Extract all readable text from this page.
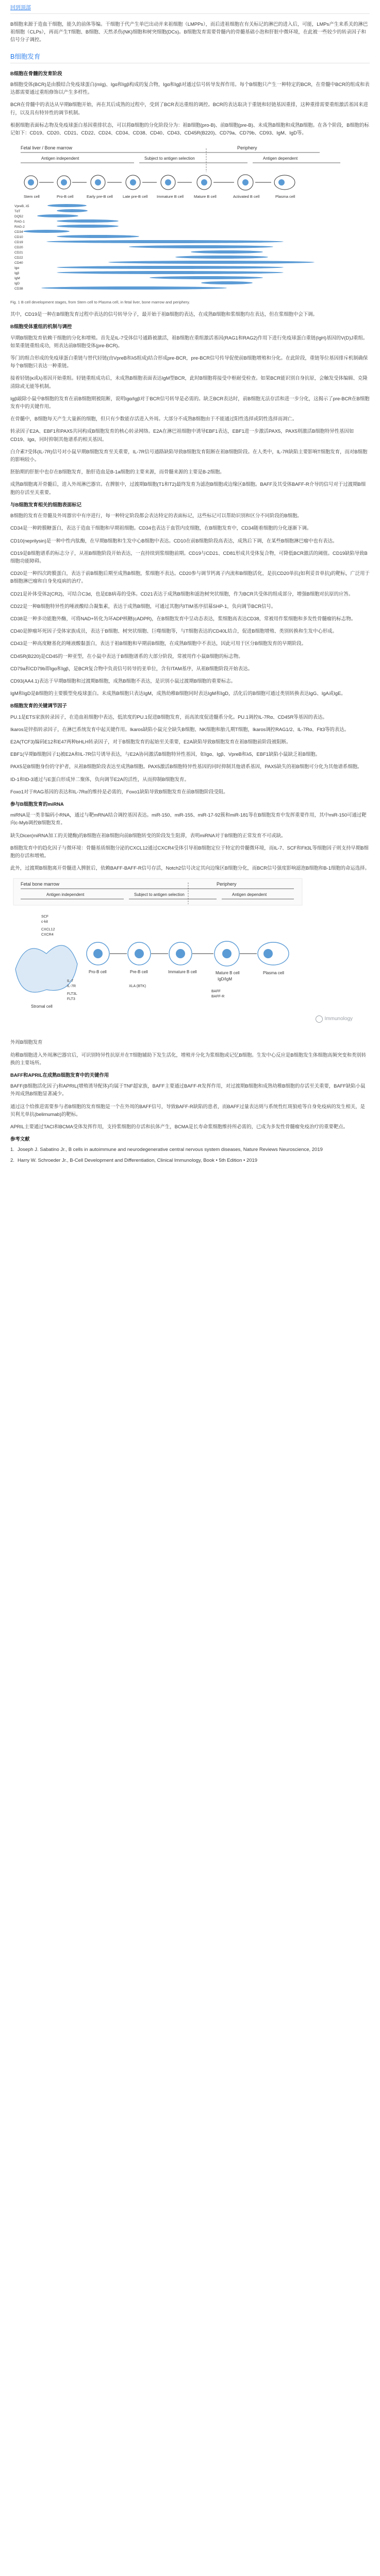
回到顶部

B细胞来源于造血干细胞，能久的前体等编。干细胞于代产生单巴出动并来祖细胞（LMPPs），而后进祖细胞在有关标记的淋巴的进入后，可能，LMPs产生来系关的淋巴祖细胞（CLPs），再而产生T细胞、B细胞、天然杀伤(NK)细胞和树突细胞(DCs)。B细胞发育需要骨髓内的骨髓基础小泡和肝脏中微环境，在此被一些较少的转录因子和信号分子调控。

B细胞发育

B细胞在骨髓的发育阶段

B细胞受体(BCR)是由膜结合免疫球蛋白(mIg)、Igα和Igβ构成的复合物，Igα和Igβ对通过信号转导发挥作用。每个B细胞只产生一种特定的BCR，在骨髓中BCR的组成和表达都需要通过重组修饰以产生多样性。

BCR在骨髓中的表达从早期B细胞开始，再在其后成熟的过程中，受到了BCR表达重组的调控。BCR的表达取决于重链和轻链基因重排，这种重排需要重组激活基因来进行，以及具有特异性的调节机制。

根据细胞表面标志物及免疫球蛋白基因重排状态，可以将B细胞的分化阶段分为：祖B细胞(pro-B)、前B细胞(pre-B)、未成熟B细胞和成熟B细胞。在各个阶段，B细胞的标记如下：CD19、CD20、CD21、CD22、CD24、CD34、CD38、CD40、CD43、CD45R(B220)、CD79a、CD79b、CD93、IgM、IgD等。

Fetal liver / Bone marrow	Periphery
Antigen independent	Subject to antigen selection	Antigen dependent
Stem cell	Pro-B cell	Early pre-B cell	Late pre-B cell Immature B cell	Mature B cell	Activated B cell	Plasma cell
VpreB, λ5
TdT
DQ52
RAG-1
RAG-2
CD34
CD10
CD19
CD20
CD21
CD22
CD40
Igα
Igβ
IgM
IgD
CD38

Fig. 1 B cell development stages, from Stem cell to Plasma cell, in fetal liver, bone marrow and periphery.

其中，CD19是一种在B细胞发育过程中表达的信号转导分子，最开始于祖B细胞的表达，在成熟B细胞和浆细胞均在表达，但在浆细胞中会下调。

B细胞受体重组的机制与调控

早期B细胞发育依赖干细胞的分化和增殖。首先是IL-7受体信号通路被激活，祖B细胞在重组激活基因(RAG1和RAG2)作用下进行免疫球蛋白重链(IgH)基因的V(D)J重组。如果重链重组成功，则表达前B细胞受体(pre-BCR)。

等门的组合形成的免疫球蛋白重链与替代轻链(由VpreB和λ5组成)结合形成pre-BCR，pre-BCR信号传导促使前B细胞增殖和分化。在此阶段，重链等位基因排斥机制确保每个B细胞只表达一种重链。

接着轻链(κ或λ)基因开始重组。轻链重组成功后，未成熟B细胞表面表达IgM型BCR，此时B细胞将接受中枢耐受检查。如果BCR能识别自身抗原，会触发受体编辑、克隆清除或无能等机制。

Igβ敲除小鼠中B细胞的发育在前B细胞期被阻断，说明Igα/Igβ对于BCR信号转导是必需的。缺乏BCR表达时，前B细胞无法存活和进一步分化，这揭示了pre-BCR在B细胞发育中的关键作用。

在骨髓中，B细胞每天产生大量新的细胞，但只有少数能存活进入外周。大部分不成熟B细胞由于不能通过阳性选择或阴性选择而凋亡。

转录因子E2A、EBF1和PAX5共同构成B细胞发育的核心转录网络。E2A在淋巴祖细胞中诱导EBF1表达，EBF1进一步激活PAX5，PAX5则激活B细胞特异性基因如CD19、Igα，同时抑制其他谱系的相关基因。

白介素7受体(IL-7R)信号对小鼠早期B细胞发育至关重要，IL-7R信号通路缺陷导致B细胞发育阻断在祖B细胞阶段。在人类中，IL-7R缺陷主要影响T细胞发育，而对B细胞的影响较小。

胚胎期的肝脏中也存在B细胞发育，胎肝造血是B-1a细胞的主要来源，而骨髓来源的主要是B-2细胞。

成熟B细胞离开骨髓后，进入外周淋巴器官。在脾脏中，过渡期B细胞(T1和T2)最终发育为滤泡B细胞或边缘区B细胞。BAFF及其受体BAFF-R介导的信号对于过渡期B细胞的存活至关重要。

与B细胞发育相关的细胞表面标记

B细胞的发育在骨髓及外周器官中有序进行，每一种特定阶段都会表达特定的表面标记，这些标记可以帮助识别和区分不同阶段的B细胞。

CD34是一种跨膜糖蛋白，表达于造血干细胞和早期祖细胞。CD34也表达于血管内皮细胞，在B细胞发育中，CD34随着细胞的分化逐渐下调。

CD10(neprilysin)是一种中性内肽酶，在早期B细胞和生发中心B细胞中表达。CD10在前B细胞阶段高表达，成熟后下调，在某些B细胞淋巴瘤中也有表达。

CD19是B细胞谱系的标志分子，从祖B细胞阶段开始表达，一直持续到浆细胞前期。CD19与CD21、CD81形成共受体复合物，可降低BCR激活的阈值。CD19缺陷导致B细胞功能障碍。

CD20是一种四次跨膜蛋白，表达于前B细胞后期至成熟B细胞，浆细胞不表达。CD20参与调节钙离子内流和B细胞活化，是抗CD20单抗(如利妥昔单抗)的靶标，广泛用于B细胞淋巴瘤和自身免疫病的治疗。

CD21是补体受体2(CR2)，可结合C3d，也是EB病毒的受体。CD21表达于成熟B细胞和滤泡树突状细胞，作为BCR共受体的组成部分，增强B细胞对抗原的应答。

CD22是一种B细胞特异性的唾液酸结合凝集素，表达于成熟B细胞，可通过其胞内ITIM基序招募SHP-1，负向调节BCR信号。

CD38是一种多功能胞外酶，可将NAD+转化为环ADP核糖(cADPR)，在B细胞发育中呈动态表达，浆细胞高表达CD38，常被用作浆细胞和多发性骨髓瘤的标志物。

CD40是肿瘤坏死因子受体家族成员，表达于B细胞、树突状细胞、巨噬细胞等，与T细胞表达的CD40L结合，促进B细胞增殖、类别转换和生发中心形成。

CD43是一种高度糖基化的唾液酸黏蛋白，表达于祖B细胞和早期前B细胞，在成熟B细胞中不表达，因此可用于区分B细胞发育的早期阶段。

CD45R(B220)是CD45的一种亚型，在小鼠中表达于B细胞谱系的大部分阶段，常被用作小鼠B细胞的标志物。

CD79a和CD79b即Igα和Igβ，是BCR复合物中负责信号转导的亚单位，含有ITAM基序，从祖B细胞阶段开始表达。

CD93(AA4.1)表达于早期B细胞和过渡期B细胞，成熟B细胞不表达，是识别小鼠过渡期B细胞的重要标志。

IgM和IgD是B细胞的主要膜型免疫球蛋白。未成熟B细胞只表达IgM，成熟幼稚B细胞同时表达IgM和IgD，活化后的B细胞可通过类别转换表达IgG、IgA或IgE。

B细胞发育的关键调节因子

PU.1是ETS家族转录因子，在造血祖细胞中表达，低浓度的PU.1促进B细胞发育，而高浓度促进髓系分化。PU.1调控IL-7Rα、CD45R等基因的表达。

Ikaros是锌指转录因子，在淋巴系统发育中起关键作用。Ikaros缺陷小鼠完全缺失B细胞、NK细胞和胎儿期T细胞，Ikaros调控RAG1/2、IL-7Rα、Flt3等的表达。

E2A(TCF3)编码E12和E47两种bHLH转录因子，对于B细胞发育的起始至关重要，E2A缺陷导致B细胞发育在祖B细胞前阶段被阻断。

EBF1(早期B细胞因子1)被E2A和IL-7R信号诱导表达，与E2A协同激活B细胞特异性基因，如Igα、Igβ、VpreB和λ5，EBF1缺陷小鼠缺乏祖B细胞。

PAX5是B细胞身份的守护者，从祖B细胞阶段表达至成熟B细胞。PAX5激活B细胞特异性基因的同时抑制其他谱系基因，PAX5缺失的祖B细胞可分化为其他谱系细胞。

ID-1和ID-3通过与E蛋白形成异二聚体，负向调节E2A的活性，从而抑制B细胞发育。

Foxo1对于RAG基因的表达和IL-7Rα的维持是必需的，Foxo1缺陷导致B细胞发育在前B细胞阶段受阻。

参与B细胞发育的miRNA

miRNA是一类非编码小RNA，通过与靶mRNA结合调控基因表达。miR-150、miR-155、miR-17-92簇和miR-181等在B细胞发育中发挥重要作用，其中miR-150可通过靶向c-Myb调控B细胞发育。

缺失Dicer(miRNA加工的关键酶)的B细胞在祖B细胞向前B细胞转变的阶段发生阻滞，表明miRNA对于B细胞的正常发育不可或缺。

B细胞发育中的趋化因子与微环境：骨髓基质细胞分泌的CXCL12通过CXCR4受体引导祖B细胞定位于特定的骨髓微环境，而IL-7、SCF和Flt3L等细胞因子则支持早期B细胞的存活和增殖。

此外，过渡期B细胞离开骨髓进入脾脏后，依赖BAFF-BAFF-R信号存活，Notch2信号决定其向边缘区B细胞分化，而BCR信号强度影响滤泡B细胞和B-1细胞的命运选择。

Fetal bone marrow	Periphery
Antigen independent	Subject to antigen selection	Antigen dependent
Stromal cell
Pro-B cell	Pre-B cell	Immature B cell	Mature B cell
IgD/IgM
Plasma cell
SCF
c-kit
CXCL12
CXCR4
IL-7
IL-7R
FLT3L
FLT3
BAFF
BAFF-R
XLA (BTK)
Immunology

外周B细胞发育

幼稚B细胞进入外周淋巴器官后，可识别特异性抗原并在T细胞辅助下发生活化，增殖并分化为浆细胞或记忆B细胞。生发中心反应是B细胞发生体细胞高频突变和类别转换的主要场所。

BAFF和APRIL在成熟B细胞发育中的关键作用

BAFF(B细胞活化因子)和APRIL(增殖诱导配体)均属于TNF超家族，BAFF主要通过BAFF-R发挥作用，对过渡期B细胞和成熟幼稚B细胞的存活至关重要，BAFF缺陷小鼠外周成熟B细胞显著减少。

通过这个给推进需要参与者B细胞的发育细胞是一个在外周的BAFF信号，导致BAFF-R缺陷的患者，而BAFF过量表达则与系统性红斑狼疮等自身免疫病的发生相关，是贝利尤单抗(belimumab)的靶标。

APRIL主要通过TACI和BCMA受体发挥作用，支持浆细胞的存活和抗体产生，BCMA是长寿命浆细胞维持所必需的，已成为多发性骨髓瘤免疫治疗的重要靶点。

参考文献

1. Joseph J. Sabatino Jr., B cells in autoimmune and neurodegenerative central nervous system diseases, Nature Reviews Neuroscience, 2019
2. Harry W. Schroeder Jr., B-Cell Development and Differentiation, Clinical Immunology, Book • 5th Edition • 2019
